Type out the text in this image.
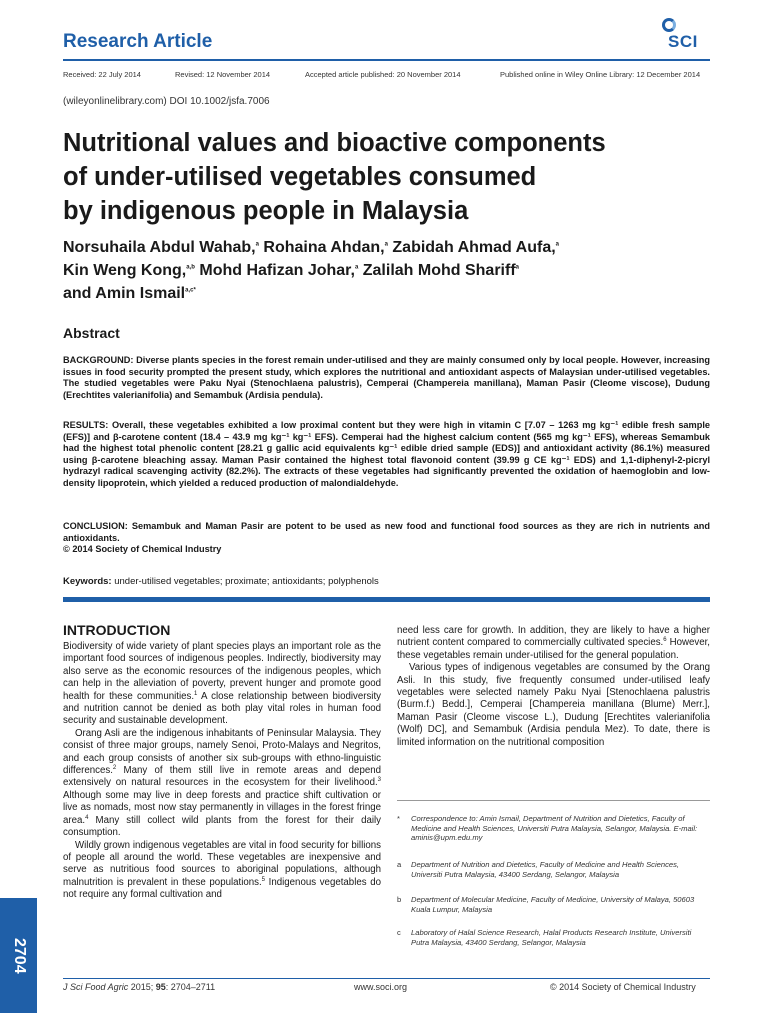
Research Article	SCI
Received: 22 July 2014	Revised: 12 November 2014	Accepted article published: 20 November 2014	Published online in Wiley Online Library: 12 December 2014
(wileyonlinelibrary.com) DOI 10.1002/jsfa.7006
Nutritional values and bioactive components
of under-utilised vegetables consumed
by indigenous people in Malaysia
Norsuhaila Abdul Wahab,$^a$ Rohaina Ahdan,$^a$ Zabidah Ahmad Aufa,$^a$
Kin Weng Kong,$^{a,b}$ Mohd Hafizan Johar,$^a$ Zalilah Mohd Shariff$^a$
and Amin Ismail$^{a,c*}$
Abstract
BACKGROUND: Diverse plants species in the forest remain under-utilised and they are mainly consumed only by local people. However, increasing issues in food security prompted the present study, which explores the nutritional and antioxidant aspects of Malaysian under-utilised vegetables. The studied vegetables were Paku Nyai (Stenochlaena palustris), Cemperai (Champereia manillana), Maman Pasir (Cleome viscose), Dudung (Erechtites valerianifolia) and Semambuk (Ardisia pendula).
RESULTS: Overall, these vegetables exhibited a low proximal content but they were high in vitamin C [7.07 – 1263 mg kg⁻¹ edible fresh sample (EFS)] and β-carotene content (18.4 – 43.9 mg kg⁻¹ kg⁻¹ EFS). Cemperai had the highest calcium content (565 mg kg⁻¹ EFS), whereas Semambuk had the highest total phenolic content [28.21 g gallic acid equivalents kg⁻¹ edible dried sample (EDS)] and antioxidant activity (86.1%) measured using β-carotene bleaching assay. Maman Pasir contained the highest total flavonoid content (39.99 g CE kg⁻¹ EDS) and 1,1-diphenyl-2-picryl hydrazyl radical scavenging activity (82.2%). The extracts of these vegetables had significantly prevented the oxidation of haemoglobin and low-density lipoprotein, which yielded a reduced production of malondialdehyde.
CONCLUSION: Semambuk and Maman Pasir are potent to be used as new food and functional food sources as they are rich in nutrients and antioxidants.
© 2014 Society of Chemical Industry
Keywords: under-utilised vegetables; proximate; antioxidants; polyphenols
INTRODUCTION

Biodiversity of wide variety of plant species plays an important role as the important food sources of indigenous peoples. Indirectly, biodiversity may also serve as the economic resources of the indigenous peoples, which can help in the alleviation of poverty, prevent hunger and promote good health for these communities.$^1$ A close relationship between biodiversity and nutrition cannot be denied as both play vital roles in human food security and sustainable development.

Orang Asli are the indigenous inhabitants of Peninsular Malaysia. They consist of three major groups, namely Senoi, Proto-Malays and Negritos, and each group consists of another six sub-groups with ethno-linguistic differences.$^2$ Many of them still live in remote areas and depend extensively on natural resources in the ecosystem for their livelihood.$^3$ Although some may live in deep forests and practice shift cultivation or live as nomads, most now stay permanently in villages in the forest fringe area.$^4$ Many still collect wild plants from the forest for their daily consumption.

Wildly grown indigenous vegetables are vital in food security for billions of people all around the world. These vegetables are inexpensive and serve as nutritious food sources to aboriginal populations, although malnutrition is prevalent in these populations.$^5$ Indigenous vegetables do not require any formal cultivation and

need less care for growth. In addition, they are likely to have a higher nutrient content compared to commercially cultivated species.$^6$ However, these vegetables remain under-utilised for the general population.

Various types of indigenous vegetables are consumed by the Orang Asli. In this study, five frequently consumed under-utilised leafy vegetables were selected namely Paku Nyai [Stenochlaena palustris (Burm.f.) Bedd.], Cemperai [Champereia manillana (Blume) Merr.], Maman Pasir (Cleome viscose L.), Dudung [Erechtites valerianifolia (Wolf) DC], and Semambuk (Ardisia pendula Mez). To date, there is limited information on the nutritional composition

* Correspondence to: Amin Ismail, Department of Nutrition and Dietetics, Faculty of Medicine and Health Sciences, Universiti Putra Malaysia, Selangor, Malaysia. E-mail: aminis@upm.edu.my
a Department of Nutrition and Dietetics, Faculty of Medicine and Health Sciences, Universiti Putra Malaysia, 43400 Serdang, Selangor, Malaysia
b Department of Molecular Medicine, Faculty of Medicine, University of Malaya, 50603 Kuala Lumpur, Malaysia
c Laboratory of Halal Science Research, Halal Products Research Institute, Universiti Putra Malaysia, 43400 Serdang, Selangor, Malaysia
J Sci Food Agric 2015; 95: 2704–2711	www.soci.org	© 2014 Society of Chemical Industry
2704
